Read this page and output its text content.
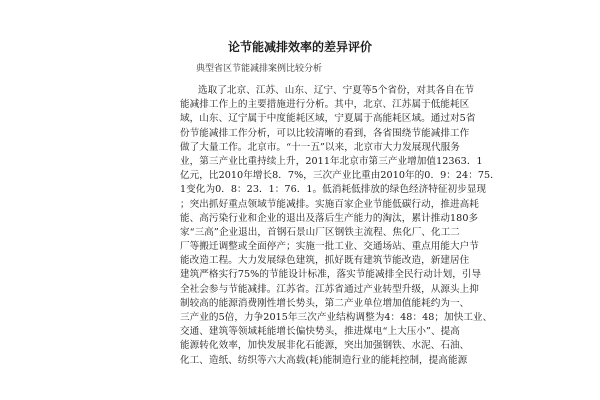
论节能减排效率的差异评价
典型省区节能减排案例比较分析
选取了北京、江苏、山东、辽宁、宁夏等5个省份，对其各自在节
能减排工作上的主要措施进行分析。其中，北京、江苏属于低能耗区
域，山东、辽宁属于中度能耗区域，宁夏属于高能耗区域。通过对5省
份节能减排工作分析，可以比较清晰的看到，各省围绕节能减排工作
做了大量工作。北京市。“十一五”以来，北京市大力发展现代服务
业，第三产业比重持续上升，2011年北京市第三产业增加值12363．1
亿元，比2010年增长8．7%，三次产业比重由2010年的0．9：24：75．
1变化为0．8：23．1：76．1。低消耗低排放的绿色经济特征初步显现
；突出抓好重点领域节能减排。实施百家企业节能低碳行动，推进高耗
能、高污染行业和企业的退出及落后生产能力的淘汰，累计推动180多
家“三高”企业退出，首钢石景山厂区钢铁主流程、焦化厂、化工二
厂等搬迁调整或全面停产；实施一批工业、交通场站、重点用能大户节
能改造工程。大力发展绿色建筑，抓好既有建筑节能改造，新建居住
建筑严格实行75%的节能设计标准，落实节能减排全民行动计划，引导
全社会参与节能减排。江苏省。江苏省通过产业转型升级，从源头上抑
制较高的能源消费刚性增长势头，第二产业单位增加值能耗约为一、
三产业的5倍，力争2015年三次产业结构调整为4：48：48；加快工业、
交通、建筑等领域耗能增长偏快势头，推进煤电“上大压小”、提高
能源转化效率，加快发展非化石能源，突出加强钢铁、水泥、石油、
化工、造纸、纺织等六大高载(耗)能制造行业的能耗控制，提高能源
